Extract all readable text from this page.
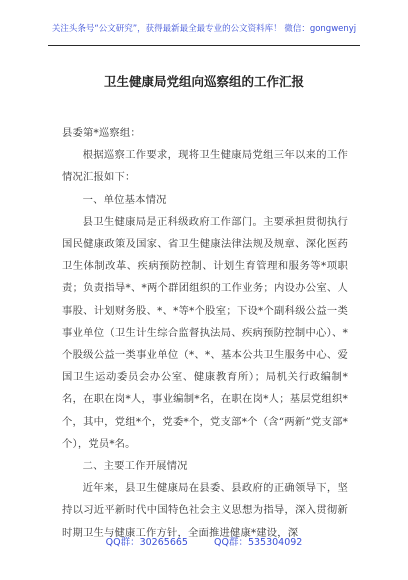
关注头条号“公文研究”，获得最新最全最专业的公文资料库！ 微信：gongwenyj
卫生健康局党组向巡察组的工作汇报

县委第*巡察组：

根据巡察工作要求，现将卫生健康局党组三年以来的工作情况汇报如下：

一、单位基本情况

县卫生健康局是正科级政府工作部门。主要承担贯彻执行国民健康政策及国家、省卫生健康法律法规及规章、深化医药卫生体制改革、疾病预防控制、计划生育管理和服务等*项职责；负责指导*、*两个群团组织的工作业务；内设办公室、人事股、计划财务股、*、*等*个股室；下设*个副科级公益一类事业单位（卫生计生综合监督执法局、疾病预防控制中心）、*个股级公益一类事业单位（*、*、基本公共卫生服务中心、爱国卫生运动委员会办公室、健康教育所）；局机关行政编制*名，在职在岗*人，事业编制*名，在职在岗*人；基层党组织*个，其中，党组*个，党委*个，党支部*个（含“两新”党支部*个），党员*名。

二、主要工作开展情况

近年来，县卫生健康局在县委、县政府的正确领导下，坚持以习近平新时代中国特色社会主义思想为指导，深入贯彻新时期卫生与健康工作方针，全面推进健康*建设，深

QQ群：30265665	QQ群：535304092
